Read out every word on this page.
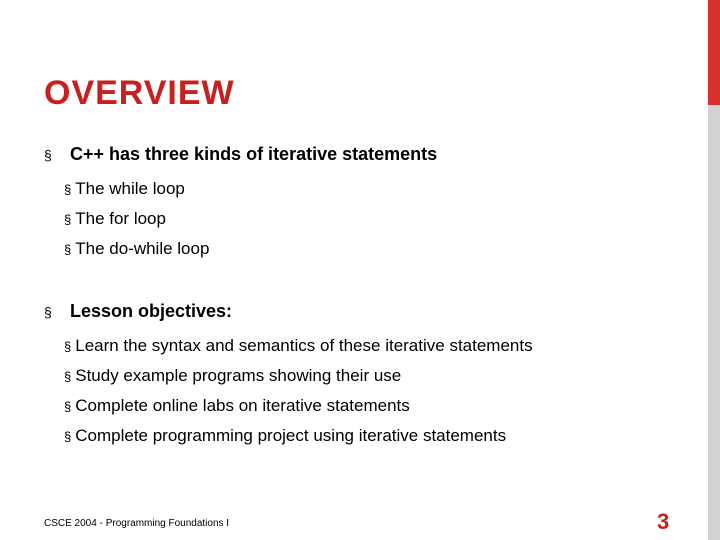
OVERVIEW
§ C++ has three kinds of iterative statements
§ The while loop
§ The for loop
§ The do-while loop
§ Lesson objectives:
§ Learn the syntax and semantics of these iterative statements
§ Study example programs showing their use
§ Complete online labs on iterative statements
§ Complete programming project using iterative statements
CSCE 2004 - Programming Foundations I	3
